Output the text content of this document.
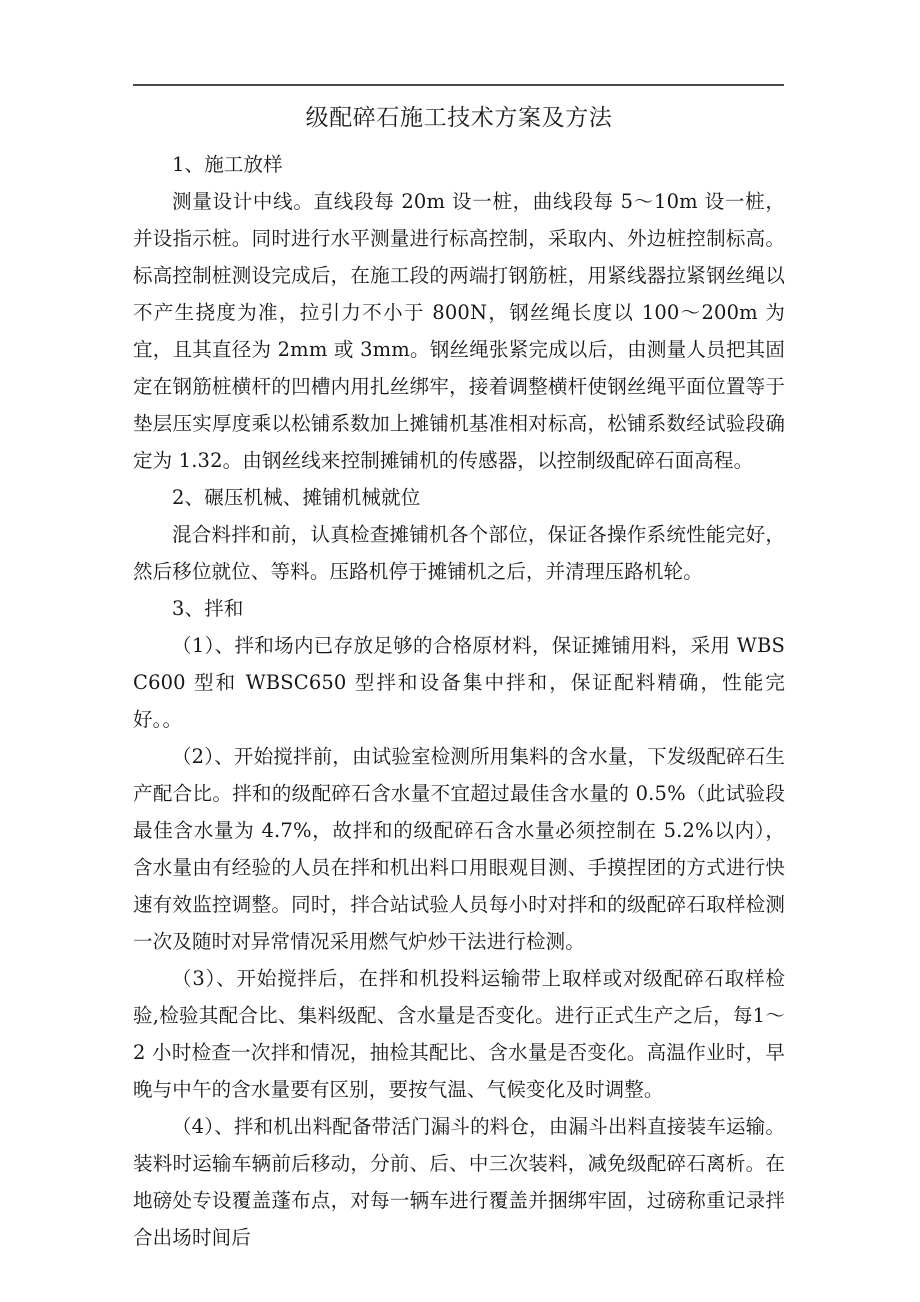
级配碎石施工技术方案及方法

1、施工放样

测量设计中线。直线段每 20m 设一桩，曲线段每 5～10m 设一桩，并设指示桩。同时进行水平测量进行标高控制，采取内、外边桩控制标高。标高控制桩测设完成后，在施工段的两端打钢筋桩，用紧线器拉紧钢丝绳以不产生挠度为准，拉引力不小于 800N，钢丝绳长度以 100～200m 为宜，且其直径为 2mm 或 3mm。钢丝绳张紧完成以后，由测量人员把其固定在钢筋桩横杆的凹槽内用扎丝绑牢，接着调整横杆使钢丝绳平面位置等于垫层压实厚度乘以松铺系数加上摊铺机基准相对标高，松铺系数经试验段确定为 1.32。由钢丝线来控制摊铺机的传感器，以控制级配碎石面高程。

2、碾压机械、摊铺机械就位

混合料拌和前，认真检查摊铺机各个部位，保证各操作系统性能完好，然后移位就位、等料。压路机停于摊铺机之后，并清理压路机轮。

3、拌和

（1）、拌和场内已存放足够的合格原材料，保证摊铺用料，采用 WBSC600 型和 WBSC650 型拌和设备集中拌和，保证配料精确，性能完好。。

（2）、开始搅拌前，由试验室检测所用集料的含水量，下发级配碎石生产配合比。拌和的级配碎石含水量不宜超过最佳含水量的 0.5%（此试验段最佳含水量为 4.7%，故拌和的级配碎石含水量必须控制在 5.2%以内），含水量由有经验的人员在拌和机出料口用眼观目测、手摸捏团的方式进行快速有效监控调整。同时，拌合站试验人员每小时对拌和的级配碎石取样检测一次及随时对异常情况采用燃气炉炒干法进行检测。

（3）、开始搅拌后，在拌和机投料运输带上取样或对级配碎石取样检验,检验其配合比、集料级配、含水量是否变化。进行正式生产之后，每1～2 小时检查一次拌和情况，抽检其配比、含水量是否变化。高温作业时，早晚与中午的含水量要有区别，要按气温、气候变化及时调整。

（4）、拌和机出料配备带活门漏斗的料仓，由漏斗出料直接装车运输。装料时运输车辆前后移动，分前、后、中三次装料，减免级配碎石离析。在地磅处专设覆盖蓬布点，对每一辆车进行覆盖并捆绑牢固，过磅称重记录拌合出场时间后
